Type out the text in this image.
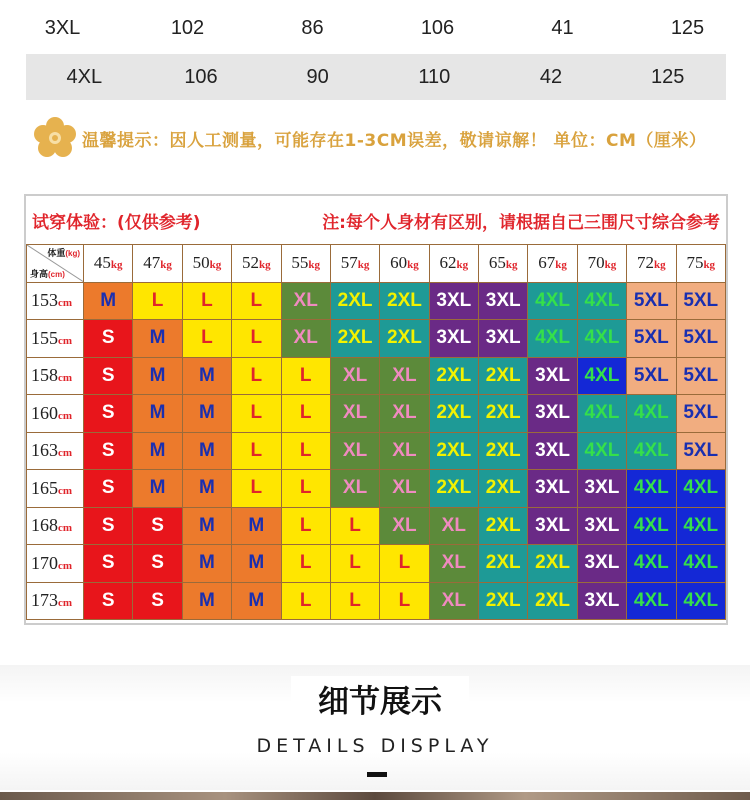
3XL	102	86	106	41	125
4XL	106	90	110	42	125
温馨提示：因人工测量，可能存在1-3CM误差，敬请谅解！ 单位：CM（厘米）
试穿体验：(仅供参考)	注:每个人身材有区别，请根据自己三围尺寸综合参考
体重(kg)
身高(cm)	45kg	47kg	50kg	52kg	55kg	57kg	60kg	62kg	65kg	67kg	70kg	72kg	75kg
153cm	M	L	L	L	XL	2XL	2XL	3XL	3XL	4XL	4XL	5XL	5XL
155cm	S	M	L	L	XL	2XL	2XL	3XL	3XL	4XL	4XL	5XL	5XL
158cm	S	M	M	L	L	XL	XL	2XL	2XL	3XL	4XL	5XL	5XL
160cm	S	M	M	L	L	XL	XL	2XL	2XL	3XL	4XL	4XL	5XL
163cm	S	M	M	L	L	XL	XL	2XL	2XL	3XL	4XL	4XL	5XL
165cm	S	M	M	L	L	XL	XL	2XL	2XL	3XL	3XL	4XL	4XL
168cm	S	S	M	M	L	L	XL	XL	2XL	3XL	3XL	4XL	4XL
170cm	S	S	M	M	L	L	L	XL	2XL	2XL	3XL	4XL	4XL
173cm	S	S	M	M	L	L	L	XL	2XL	2XL	3XL	4XL	4XL
细节展示
DETAILS DISPLAY
